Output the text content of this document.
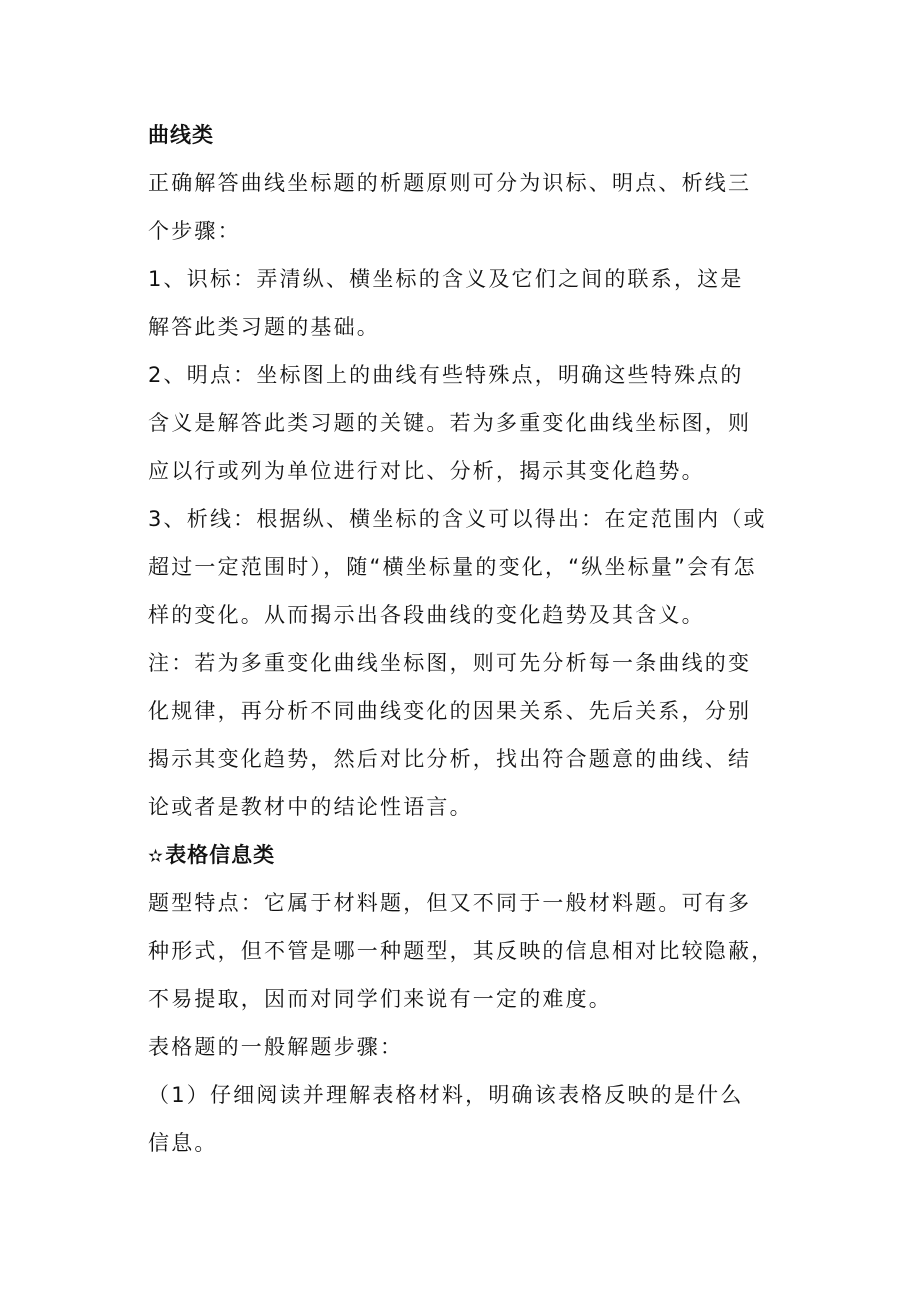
曲线类
正确解答曲线坐标题的析题原则可分为识标、明点、析线三
个步骤：
1、识标：弄清纵、横坐标的含义及它们之间的联系，这是
解答此类习题的基础。
2、明点：坐标图上的曲线有些特殊点，明确这些特殊点的
含义是解答此类习题的关键。若为多重变化曲线坐标图，则
应以行或列为单位进行对比、分析，揭示其变化趋势。
3、析线：根据纵、横坐标的含义可以得出：在定范围内（或
超过一定范围时），随“横坐标量的变化，“纵坐标量”会有怎
样的变化。从而揭示出各段曲线的变化趋势及其含义。
注：若为多重变化曲线坐标图，则可先分析每一条曲线的变
化规律，再分析不同曲线变化的因果关系、先后关系，分别
揭示其变化趋势，然后对比分析，找出符合题意的曲线、结
论或者是教材中的结论性语言。
✫表格信息类
题型特点：它属于材料题，但又不同于一般材料题。可有多
种形式，但不管是哪一种题型，其反映的信息相对比较隐蔽，
不易提取，因而对同学们来说有一定的难度。
表格题的一般解题步骤：
（1）仔细阅读并理解表格材料，明确该表格反映的是什么
信息。
